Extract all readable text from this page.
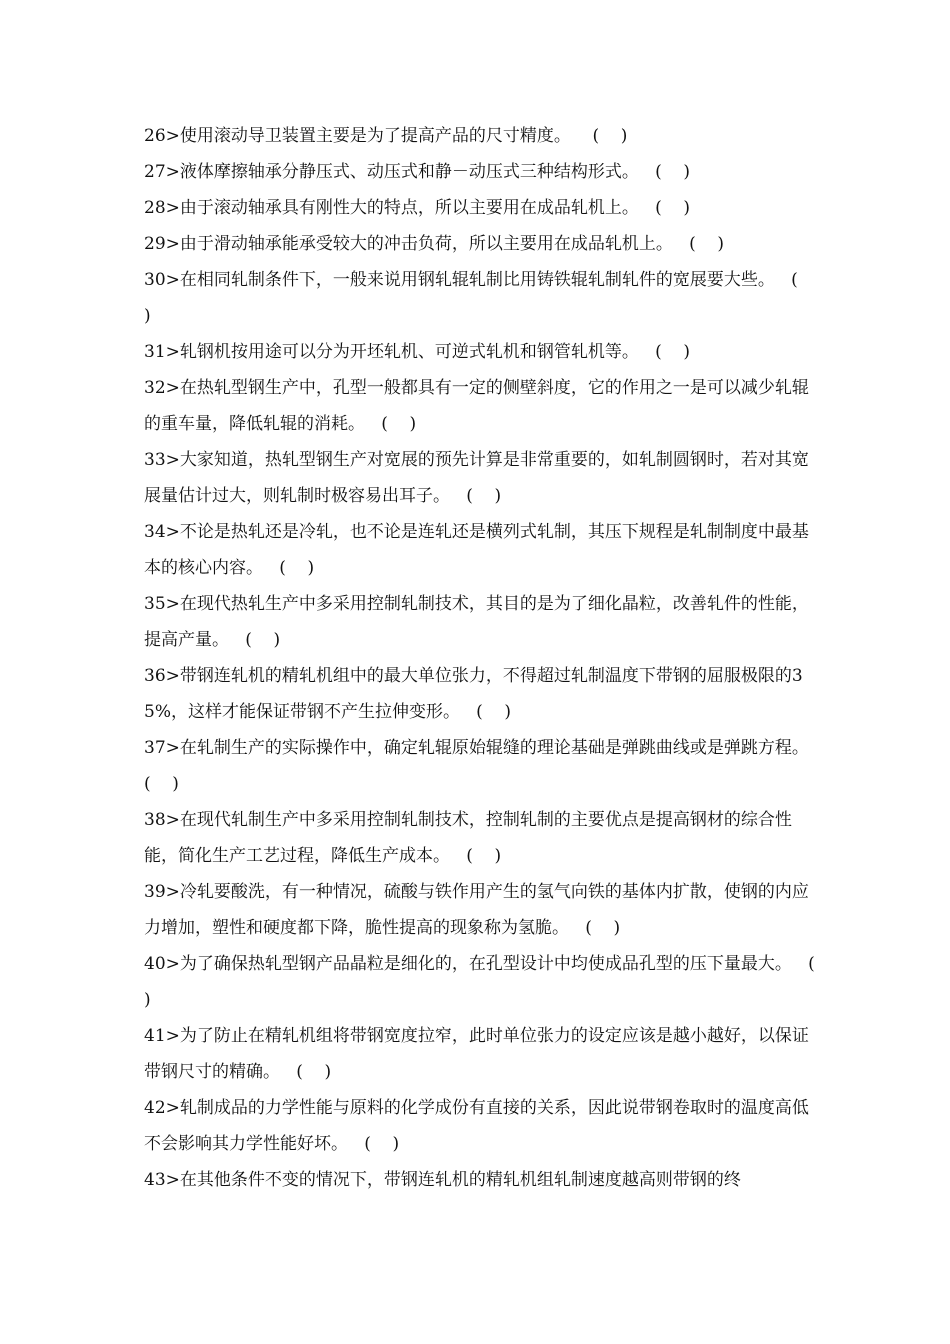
26>使用滚动导卫装置主要是为了提高产品的尺寸精度。    (    )

27>液体摩擦轴承分静压式、动压式和静－动压式三种结构形式。   (    )

28>由于滚动轴承具有刚性大的特点，所以主要用在成品轧机上。   (    )

29>由于滑动轴承能承受较大的冲击负荷，所以主要用在成品轧机上。   (    )

30>在相同轧制条件下，一般来说用钢轧辊轧制比用铸铁辊轧制轧件的宽展要大些。   (    )

31>轧钢机按用途可以分为开坯轧机、可逆式轧机和钢管轧机等。   (    )

32>在热轧型钢生产中，孔型一般都具有一定的侧壁斜度，它的作用之一是可以减少轧辊的重车量，降低轧辊的消耗。   (    )

33>大家知道，热轧型钢生产对宽展的预先计算是非常重要的，如轧制圆钢时，若对其宽展量估计过大，则轧制时极容易出耳子。   (    )

34>不论是热轧还是冷轧，也不论是连轧还是横列式轧制，其压下规程是轧制制度中最基本的核心内容。   (    )

35>在现代热轧生产中多采用控制轧制技术，其目的是为了细化晶粒，改善轧件的性能，提高产量。   (    )

36>带钢连轧机的精轧机组中的最大单位张力，不得超过轧制温度下带钢的屈服极限的35%，这样才能保证带钢不产生拉伸变形。   (    )

37>在轧制生产的实际操作中，确定轧辊原始辊缝的理论基础是弹跳曲线或是弹跳方程。   (    )

38>在现代轧制生产中多采用控制轧制技术，控制轧制的主要优点是提高钢材的综合性能，简化生产工艺过程，降低生产成本。   (    )

39>冷轧要酸洗，有一种情况，硫酸与铁作用产生的氢气向铁的基体内扩散，使钢的内应力增加，塑性和硬度都下降，脆性提高的现象称为氢脆。   (    )

40>为了确保热轧型钢产品晶粒是细化的，在孔型设计中均使成品孔型的压下量最大。   (    )

41>为了防止在精轧机组将带钢宽度拉窄，此时单位张力的设定应该是越小越好，以保证带钢尺寸的精确。   (    )

42>轧制成品的力学性能与原料的化学成份有直接的关系，因此说带钢卷取时的温度高低不会影响其力学性能好坏。   (    )

43>在其他条件不变的情况下，带钢连轧机的精轧机组轧制速度越高则带钢的终
